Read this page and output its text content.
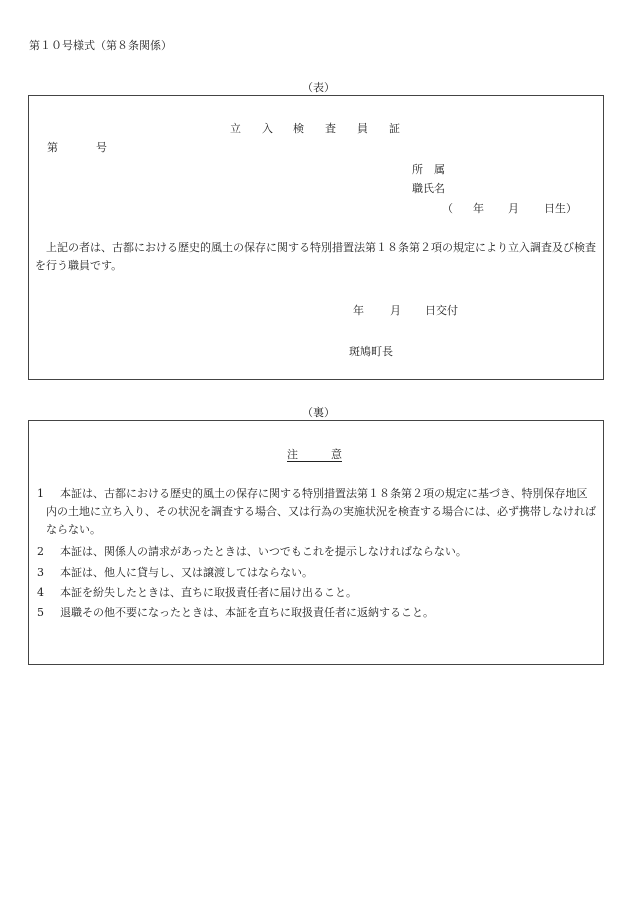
第１０号様式（第８条関係）
（表）
立 入 検 査 員 証
第	号
所　属
職氏名
（ 年 月 日生）
上記の者は、古都における歴史的風土の保存に関する特別措置法第１８条第２項の規定により立入調査及び検査を行う職員です。
年 月 日交付
斑鳩町長
（裏）
注　　　意
1	本証は、古都における歴史的風土の保存に関する特別措置法第１８条第２項の規定に基づき、特別保存地区内の土地に立ち入り、その状況を調査する場合、又は行為の実施状況を検査する場合には、必ず携帯しなければならない。
2	本証は、関係人の請求があったときは、いつでもこれを提示しなければならない。
3	本証は、他人に貸与し、又は譲渡してはならない。
4	本証を紛失したときは、直ちに取扱責任者に届け出ること。
5	退職その他不要になったときは、本証を直ちに取扱責任者に返納すること。
